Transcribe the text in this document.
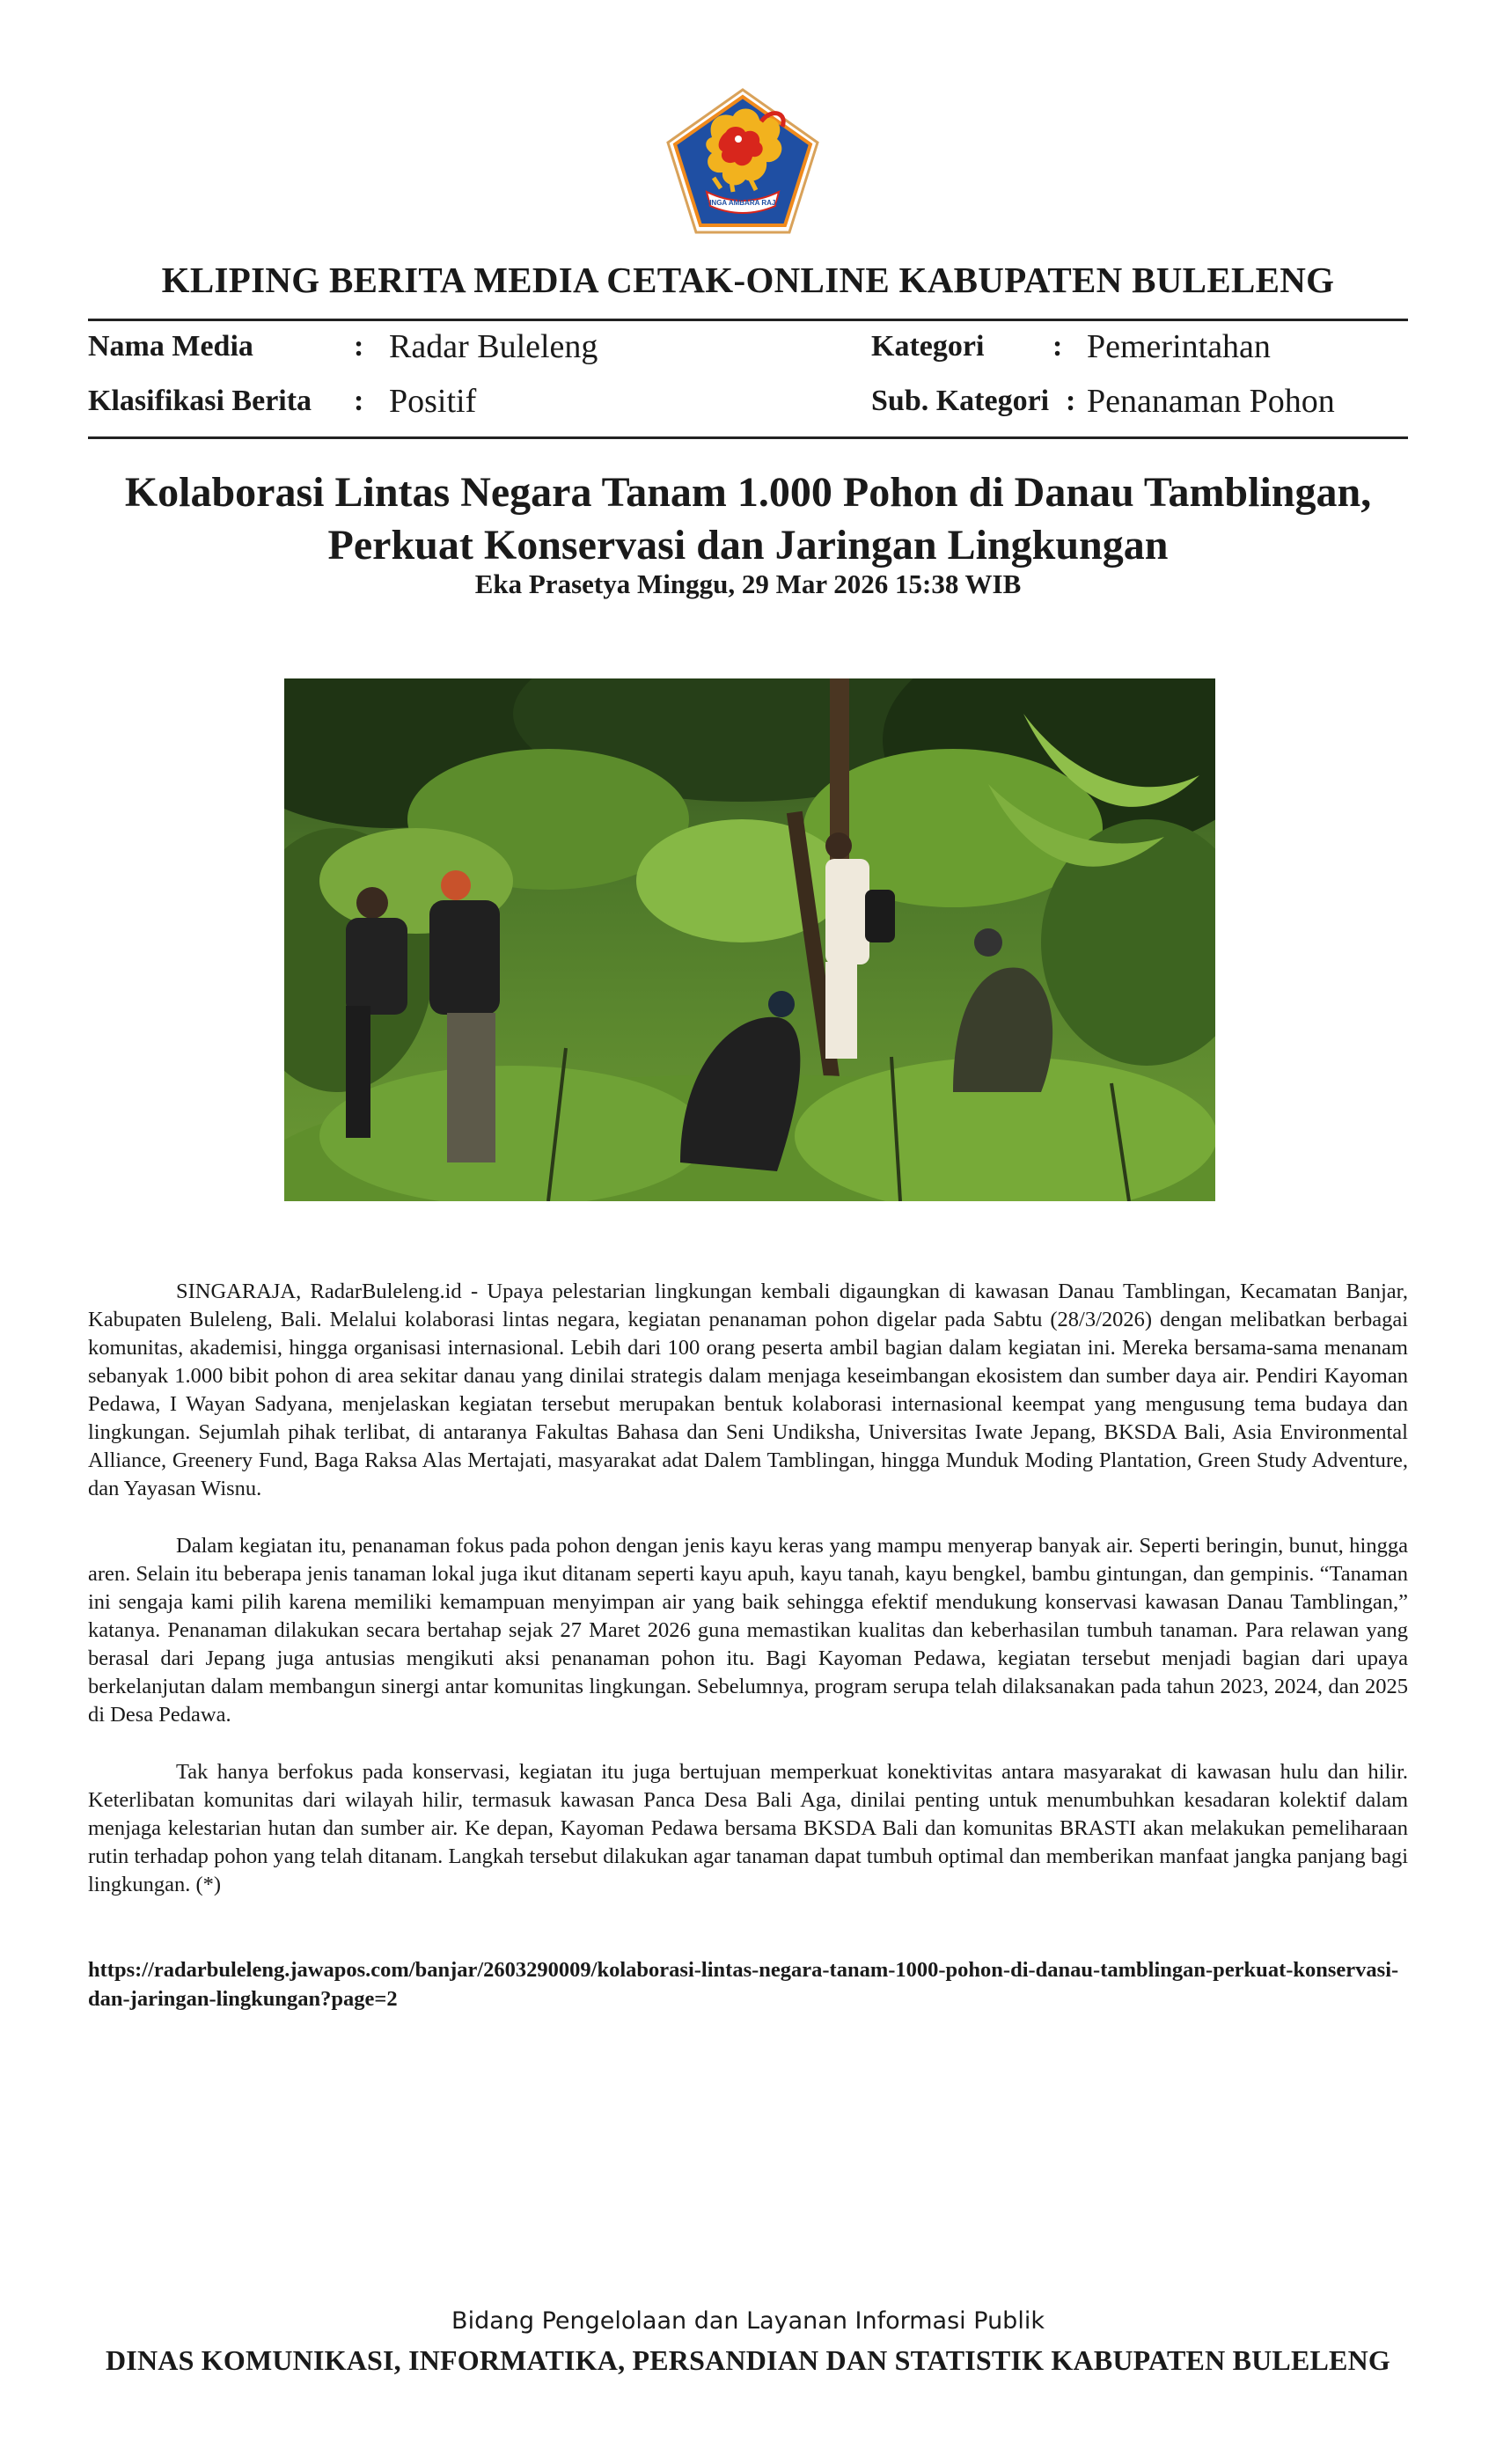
SINGA AMBARA RAJA
KLIPING BERITA MEDIA CETAK-ONLINE KABUPATEN BULELENG
Nama Media	: Radar Buleleng
Klasifikasi Berita : Positif
Kategori : Pemerintahan
Sub. Kategori : Penanaman Pohon
Kolaborasi Lintas Negara Tanam 1.000 Pohon di Danau Tamblingan,
Perkuat Konservasi dan Jaringan Lingkungan
Eka Prasetya Minggu, 29 Mar 2026 15:38 WIB

SINGARAJA, RadarBuleleng.id - Upaya pelestarian lingkungan kembali digaungkan di kawasan Danau Tamblingan, Kecamatan Banjar, Kabupaten Buleleng, Bali. Melalui kolaborasi lintas negara, kegiatan penanaman pohon digelar pada Sabtu (28/3/2026) dengan melibatkan berbagai komunitas, akademisi, hingga organisasi internasional. Lebih dari 100 orang peserta ambil bagian dalam kegiatan ini. Mereka bersama-sama menanam sebanyak 1.000 bibit pohon di area sekitar danau yang dinilai strategis dalam menjaga keseimbangan ekosistem dan sumber daya air. Pendiri Kayoman Pedawa, I Wayan Sadyana, menjelaskan kegiatan tersebut merupakan bentuk kolaborasi internasional keempat yang mengusung tema budaya dan lingkungan. Sejumlah pihak terlibat, di antaranya Fakultas Bahasa dan Seni Undiksha, Universitas Iwate Jepang, BKSDA Bali, Asia Environmental Alliance, Greenery Fund, Baga Raksa Alas Mertajati, masyarakat adat Dalem Tamblingan, hingga Munduk Moding Plantation, Green Study Adventure, dan Yayasan Wisnu.

Dalam kegiatan itu, penanaman fokus pada pohon dengan jenis kayu keras yang mampu menyerap banyak air. Seperti beringin, bunut, hingga aren. Selain itu beberapa jenis tanaman lokal juga ikut ditanam seperti kayu apuh, kayu tanah, kayu bengkel, bambu gintungan, dan gempinis. “Tanaman ini sengaja kami pilih karena memiliki kemampuan menyimpan air yang baik sehingga efektif mendukung konservasi kawasan Danau Tamblingan,” katanya. Penanaman dilakukan secara bertahap sejak 27 Maret 2026 guna memastikan kualitas dan keberhasilan tumbuh tanaman. Para relawan yang berasal dari Jepang juga antusias mengikuti aksi penanaman pohon itu. Bagi Kayoman Pedawa, kegiatan tersebut menjadi bagian dari upaya berkelanjutan dalam membangun sinergi antar komunitas lingkungan. Sebelumnya, program serupa telah dilaksanakan pada tahun 2023, 2024, dan 2025 di Desa Pedawa.

Tak hanya berfokus pada konservasi, kegiatan itu juga bertujuan memperkuat konektivitas antara masyarakat di kawasan hulu dan hilir. Keterlibatan komunitas dari wilayah hilir, termasuk kawasan Panca Desa Bali Aga, dinilai penting untuk menumbuhkan kesadaran kolektif dalam menjaga kelestarian hutan dan sumber air. Ke depan, Kayoman Pedawa bersama BKSDA Bali dan komunitas BRASTI akan melakukan pemeliharaan rutin terhadap pohon yang telah ditanam. Langkah tersebut dilakukan agar tanaman dapat tumbuh optimal dan memberikan manfaat jangka panjang bagi lingkungan. (*)

https://radarbuleleng.jawapos.com/banjar/2603290009/kolaborasi-lintas-negara-tanam-1000-pohon-di-danau-tamblingan-perkuat-konservasi-dan-jaringan-lingkungan?page=2
Bidang Pengelolaan dan Layanan Informasi Publik
DINAS KOMUNIKASI, INFORMATIKA, PERSANDIAN DAN STATISTIK KABUPATEN BULELENG
